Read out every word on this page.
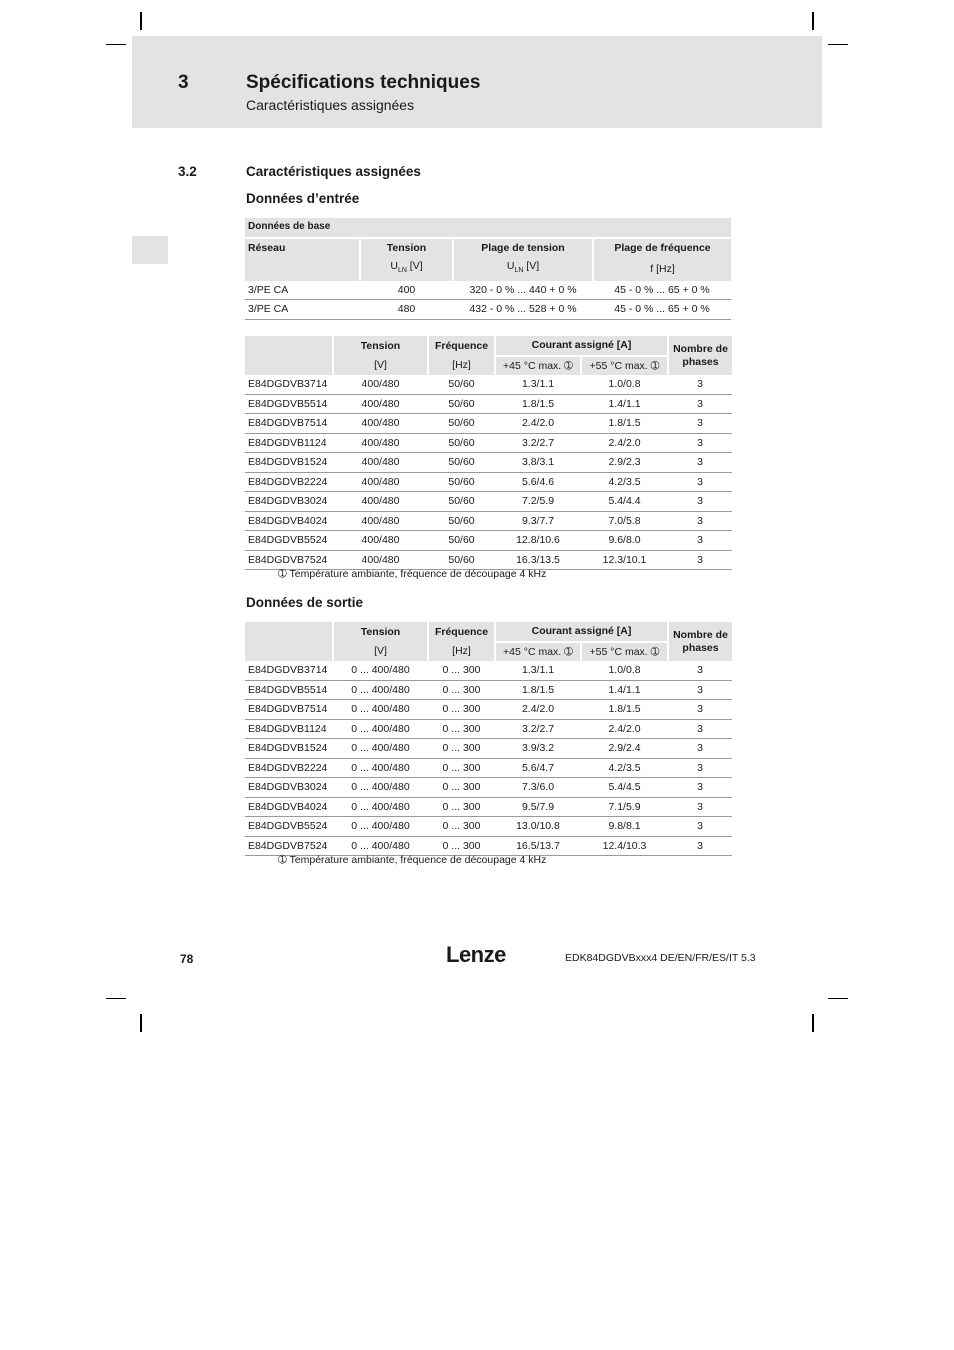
3	Spécifications techniques
Caractéristiques assignées
3.2	Caractéristiques assignées
Données d’entrée
Données de base			
Réseau	Tension	Plage de tension	Plage de fréquence
	$U_{LN}$ [V]	$U_{LN}$ [V]	f [Hz]
3/PE CA	400	320 - 0 % ... 440 + 0 %	45 - 0 % ... 65 + 0 %
3/PE CA	480	432 - 0 % ... 528 + 0 %	45 - 0 % ... 65 + 0 %
	Tension	Fréquence	Courant assigné [A]		Nombre de phases
	[V]	[Hz]	+45 °C max. ➀	+55 °C max. ➀	
E84DGDVB3714	400/480	50/60	1.3/1.1	1.0/0.8	3
E84DGDVB5514	400/480	50/60	1.8/1.5	1.4/1.1	3
E84DGDVB7514	400/480	50/60	2.4/2.0	1.8/1.5	3
E84DGDVB1124	400/480	50/60	3.2/2.7	2.4/2.0	3
E84DGDVB1524	400/480	50/60	3.8/3.1	2.9/2.3	3
E84DGDVB2224	400/480	50/60	5.6/4.6	4.2/3.5	3
E84DGDVB3024	400/480	50/60	7.2/5.9	5.4/4.4	3
E84DGDVB4024	400/480	50/60	9.3/7.7	7.0/5.8	3
E84DGDVB5524	400/480	50/60	12.8/10.6	9.6/8.0	3
E84DGDVB7524	400/480	50/60	16.3/13.5	12.3/10.1	3
➀ Température ambiante, fréquence de découpage 4 kHz
Données de sortie
	Tension	Fréquence	Courant assigné [A]		Nombre de phases
	[V]	[Hz]	+45 °C max. ➀	+55 °C max. ➀	
E84DGDVB3714	0 ... 400/480	0 ... 300	1.3/1.1	1.0/0.8	3
E84DGDVB5514	0 ... 400/480	0 ... 300	1.8/1.5	1.4/1.1	3
E84DGDVB7514	0 ... 400/480	0 ... 300	2.4/2.0	1.8/1.5	3
E84DGDVB1124	0 ... 400/480	0 ... 300	3.2/2.7	2.4/2.0	3
E84DGDVB1524	0 ... 400/480	0 ... 300	3.9/3.2	2.9/2.4	3
E84DGDVB2224	0 ... 400/480	0 ... 300	5.6/4.7	4.2/3.5	3
E84DGDVB3024	0 ... 400/480	0 ... 300	7.3/6.0	5.4/4.5	3
E84DGDVB4024	0 ... 400/480	0 ... 300	9.5/7.9	7.1/5.9	3
E84DGDVB5524	0 ... 400/480	0 ... 300	13.0/10.8	9.8/8.1	3
E84DGDVB7524	0 ... 400/480	0 ... 300	16.5/13.7	12.4/10.3	3
➀ Température ambiante, fréquence de découpage 4 kHz
78	Lenze	EDK84DGDVBxxx4 DE/EN/FR/ES/IT 5.3
